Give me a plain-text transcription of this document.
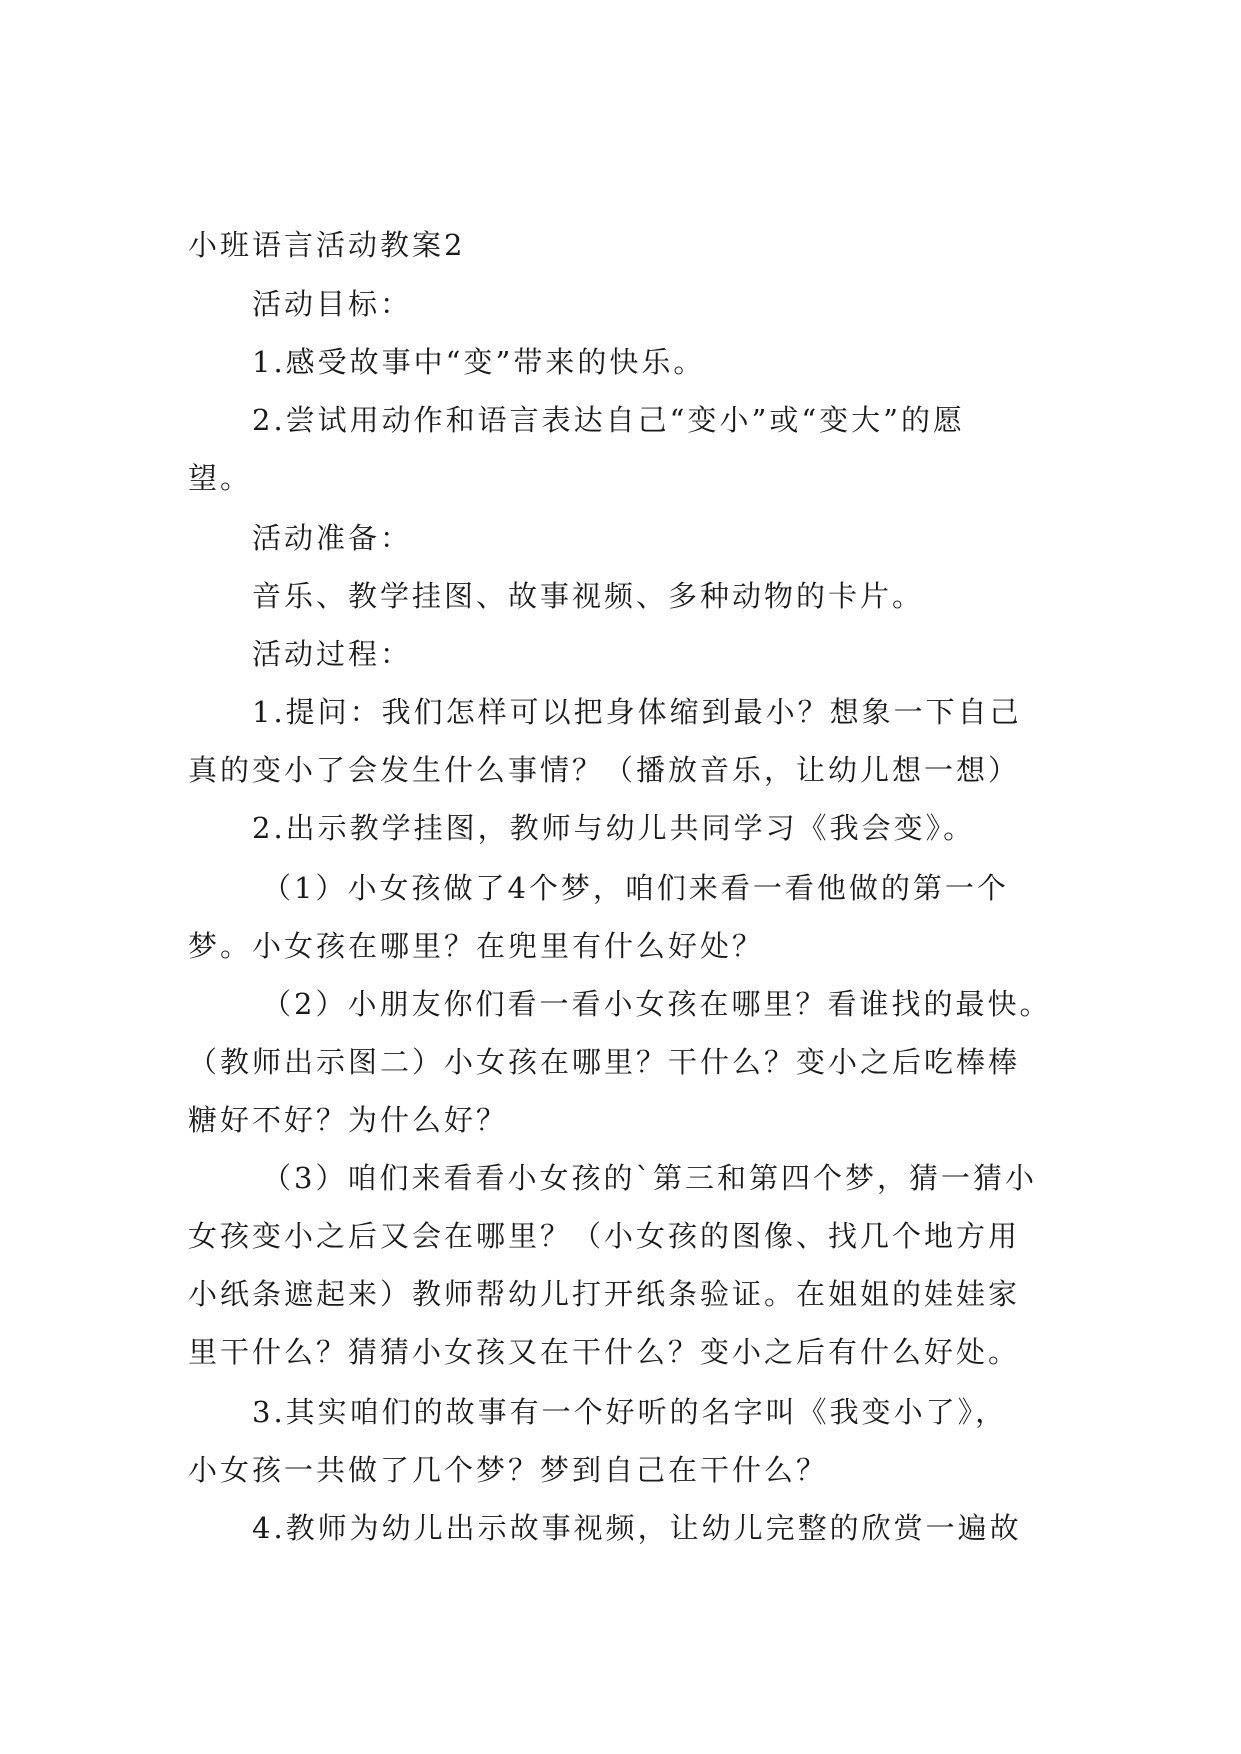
小班语言活动教案2
活动目标：
1.感受故事中“变”带来的快乐。
2.尝试用动作和语言表达自己“变小”或“变大”的愿
望。
活动准备：
音乐、教学挂图、故事视频、多种动物的卡片。
活动过程：
1.提问：我们怎样可以把身体缩到最小？想象一下自己
真的变小了会发生什么事情？（播放音乐，让幼儿想一想）
2.出示教学挂图，教师与幼儿共同学习《我会变》。
（1）小女孩做了4个梦，咱们来看一看他做的第一个
梦。小女孩在哪里？在兜里有什么好处？
（2）小朋友你们看一看小女孩在哪里？看谁找的最快。
（教师出示图二）小女孩在哪里？干什么？变小之后吃棒棒
糖好不好？为什么好？
（3）咱们来看看小女孩的`第三和第四个梦，猜一猜小
女孩变小之后又会在哪里？（小女孩的图像、找几个地方用
小纸条遮起来）教师帮幼儿打开纸条验证。在姐姐的娃娃家
里干什么？猜猜小女孩又在干什么？变小之后有什么好处。
3.其实咱们的故事有一个好听的名字叫《我变小了》，
小女孩一共做了几个梦？梦到自己在干什么？
4.教师为幼儿出示故事视频，让幼儿完整的欣赏一遍故
